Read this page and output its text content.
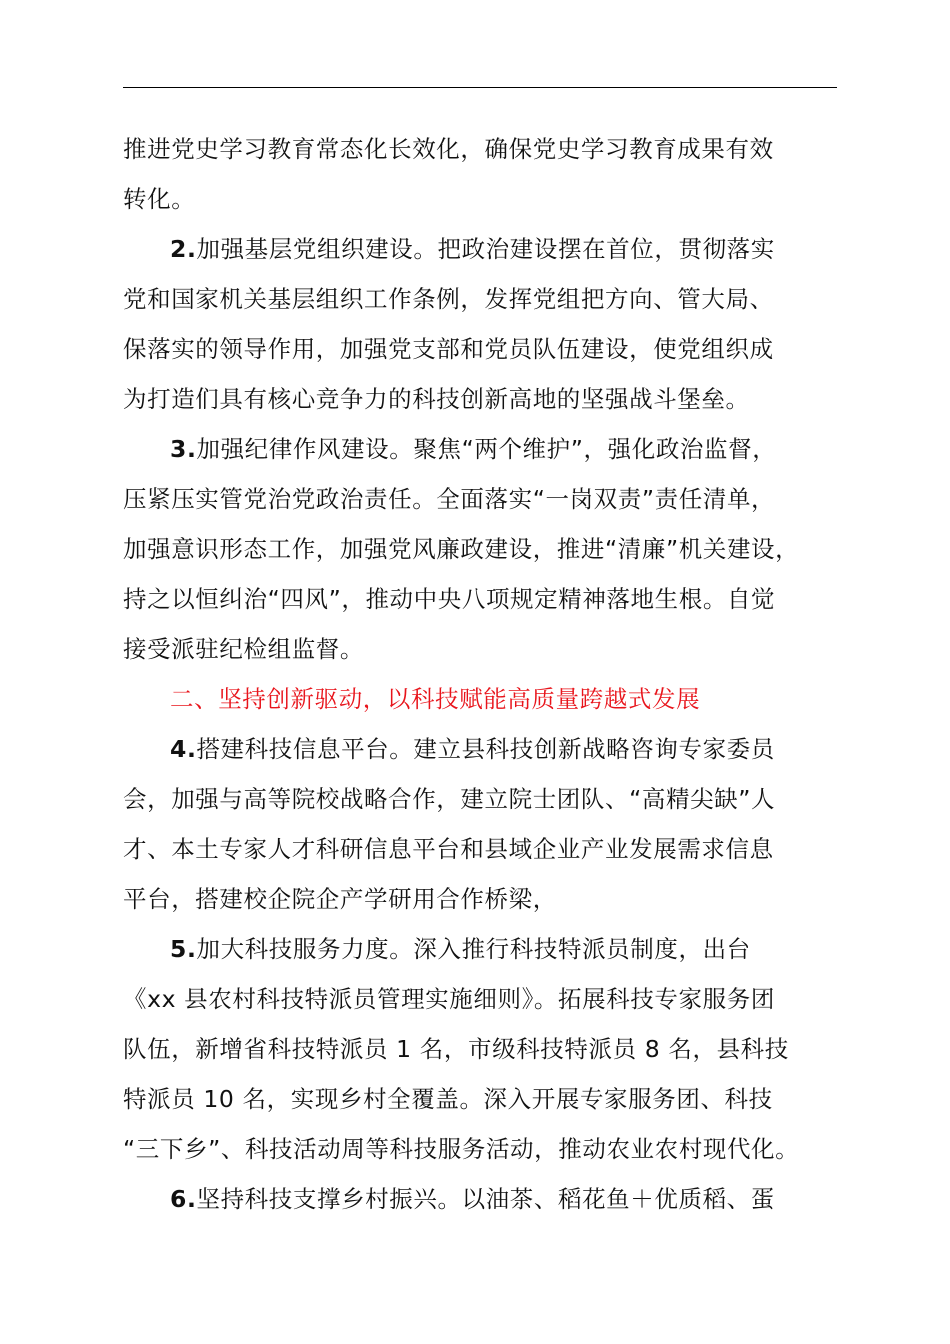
推进党史学习教育常态化长效化，确保党史学习教育成果有效
转化。
2.加强基层党组织建设。把政治建设摆在首位，贯彻落实
党和国家机关基层组织工作条例，发挥党组把方向、管大局、
保落实的领导作用，加强党支部和党员队伍建设，使党组织成
为打造们具有核心竞争力的科技创新高地的坚强战斗堡垒。
3.加强纪律作风建设。聚焦“两个维护”，强化政治监督，
压紧压实管党治党政治责任。全面落实“一岗双责”责任清单，
加强意识形态工作，加强党风廉政建设，推进“清廉”机关建设，
持之以恒纠治“四风”，推动中央八项规定精神落地生根。自觉
接受派驻纪检组监督。
二、坚持创新驱动，以科技赋能高质量跨越式发展
4.搭建科技信息平台。建立县科技创新战略咨询专家委员
会，加强与高等院校战略合作，建立院士团队、“高精尖缺”人
才、本土专家人才科研信息平台和县域企业产业发展需求信息
平台，搭建校企院企产学研用合作桥梁，
5.加大科技服务力度。深入推行科技特派员制度，出台
《xx 县农村科技特派员管理实施细则》。拓展科技专家服务团
队伍，新增省科技特派员 1 名，市级科技特派员 8 名，县科技
特派员 10 名，实现乡村全覆盖。深入开展专家服务团、科技
“三下乡”、科技活动周等科技服务活动，推动农业农村现代化。
6.坚持科技支撑乡村振兴。以油茶、稻花鱼＋优质稻、蛋
